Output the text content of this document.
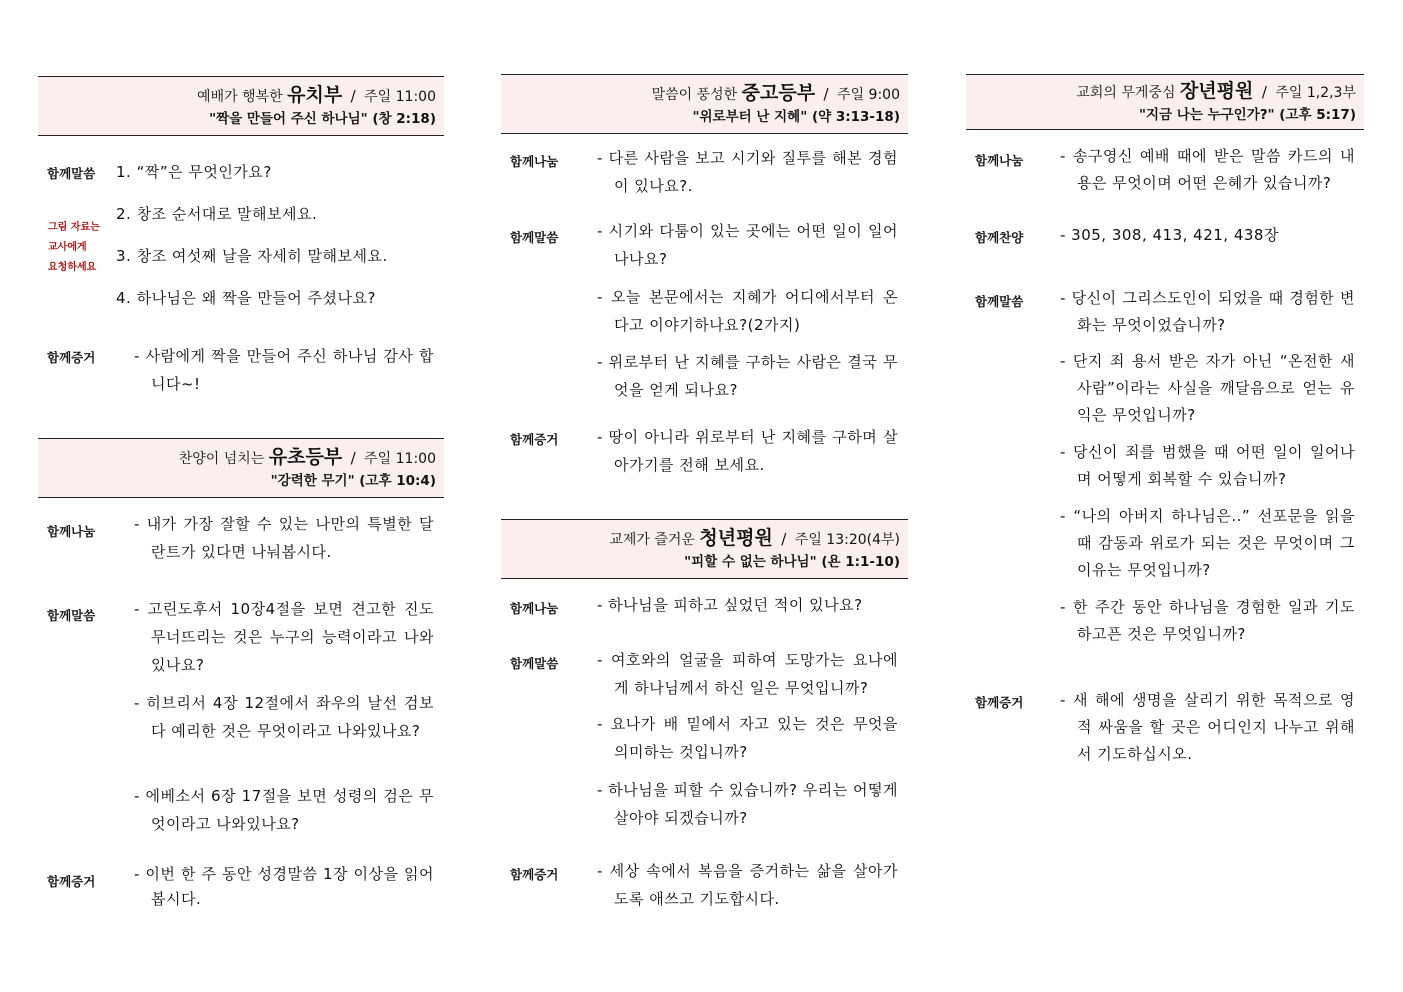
예배가 행복한 유치부 / 주일 11:00
"짝을 만들어 주신 하나님" (창 2:18)
함께말씀 1. “짝”은 무엇인가요?
2. 창조 순서대로 말해보세요.
3. 창조 여섯째 날을 자세히 말해보세요.
4. 하나님은 왜 짝을 만들어 주셨나요?
그림 자료는
교사에게
요청하세요
함께증거	- 사람에게 짝을 만들어 주신 하나님 감사 합니다~!
찬양이 넘치는 유초등부 / 주일 11:00
"강력한 무기" (고후 10:4)
함께나눔	- 내가 가장 잘할 수 있는 나만의 특별한 달란트가 있다면 나눠봅시다.
함께말씀	- 고린도후서 10장4절을 보면 견고한 진도 무너뜨리는 것은 누구의 능력이라고 나와 있나요?
- 히브리서 4장 12절에서 좌우의 날선 검보다 예리한 것은 무엇이라고 나와있나요?
- 에베소서 6장 17절을 보면 성령의 검은 무엇이라고 나와있나요?
함께증거	- 이번 한 주 동안 성경말씀 1장 이상을 읽어 봅시다.
말씀이 풍성한 중고등부 / 주일 9:00
"위로부터 난 지혜" (약 3:13-18)
함께나눔	- 다른 사람을 보고 시기와 질투를 해본 경험이 있나요?.
함께말씀	- 시기와 다툼이 있는 곳에는 어떤 일이 일어나나요?
- 오늘 본문에서는 지혜가 어디에서부터 온다고 이야기하나요?(2가지)
- 위로부터 난 지혜를 구하는 사람은 결국 무엇을 얻게 되나요?
함께증거	- 땅이 아니라 위로부터 난 지혜를 구하며 살아가기를 전해 보세요.
교제가 즐거운 청년평원 / 주일 13:20(4부)
"피할 수 없는 하나님" (욘 1:1-10)
함께나눔	- 하나님을 피하고 싶었던 적이 있나요?
함께말씀	- 여호와의 얼굴을 피하여 도망가는 요나에게 하나님께서 하신 일은 무엇입니까?
- 요나가 배 밑에서 자고 있는 것은 무엇을 의미하는 것입니까?
- 하나님을 피할 수 있습니까? 우리는 어떻게 살아야 되겠습니까?
함께증거	- 세상 속에서 복음을 증거하는 삶을 살아가도록 애쓰고 기도합시다.
교회의 무게중심 장년평원 / 주일 1,2,3부
"지금 나는 누구인가?" (고후 5:17)
함께나눔 - 송구영신 예배 때에 받은 말씀 카드의 내용은 무엇이며 어떤 은혜가 있습니까?
함께찬양 - 305, 308, 413, 421, 438장
함께말씀 - 당신이 그리스도인이 되었을 때 경험한 변화는 무엇이었습니까?
- 단지 죄 용서 받은 자가 아닌 “온전한 새사람”이라는 사실을 깨달음으로 얻는 유익은 무엇입니까?
- 당신이 죄를 범했을 때 어떤 일이 일어나며 어떻게 회복할 수 있습니까?
- “나의 아버지 하나님은..” 선포문을 읽을 때 감동과 위로가 되는 것은 무엇이며 그 이유는 무엇입니까?
- 한 주간 동안 하나님을 경험한 일과 기도하고픈 것은 무엇입니까?
함께증거 - 새 해에 생명을 살리기 위한 목적으로 영적 싸움을 할 곳은 어디인지 나누고 위해서 기도하십시오.
